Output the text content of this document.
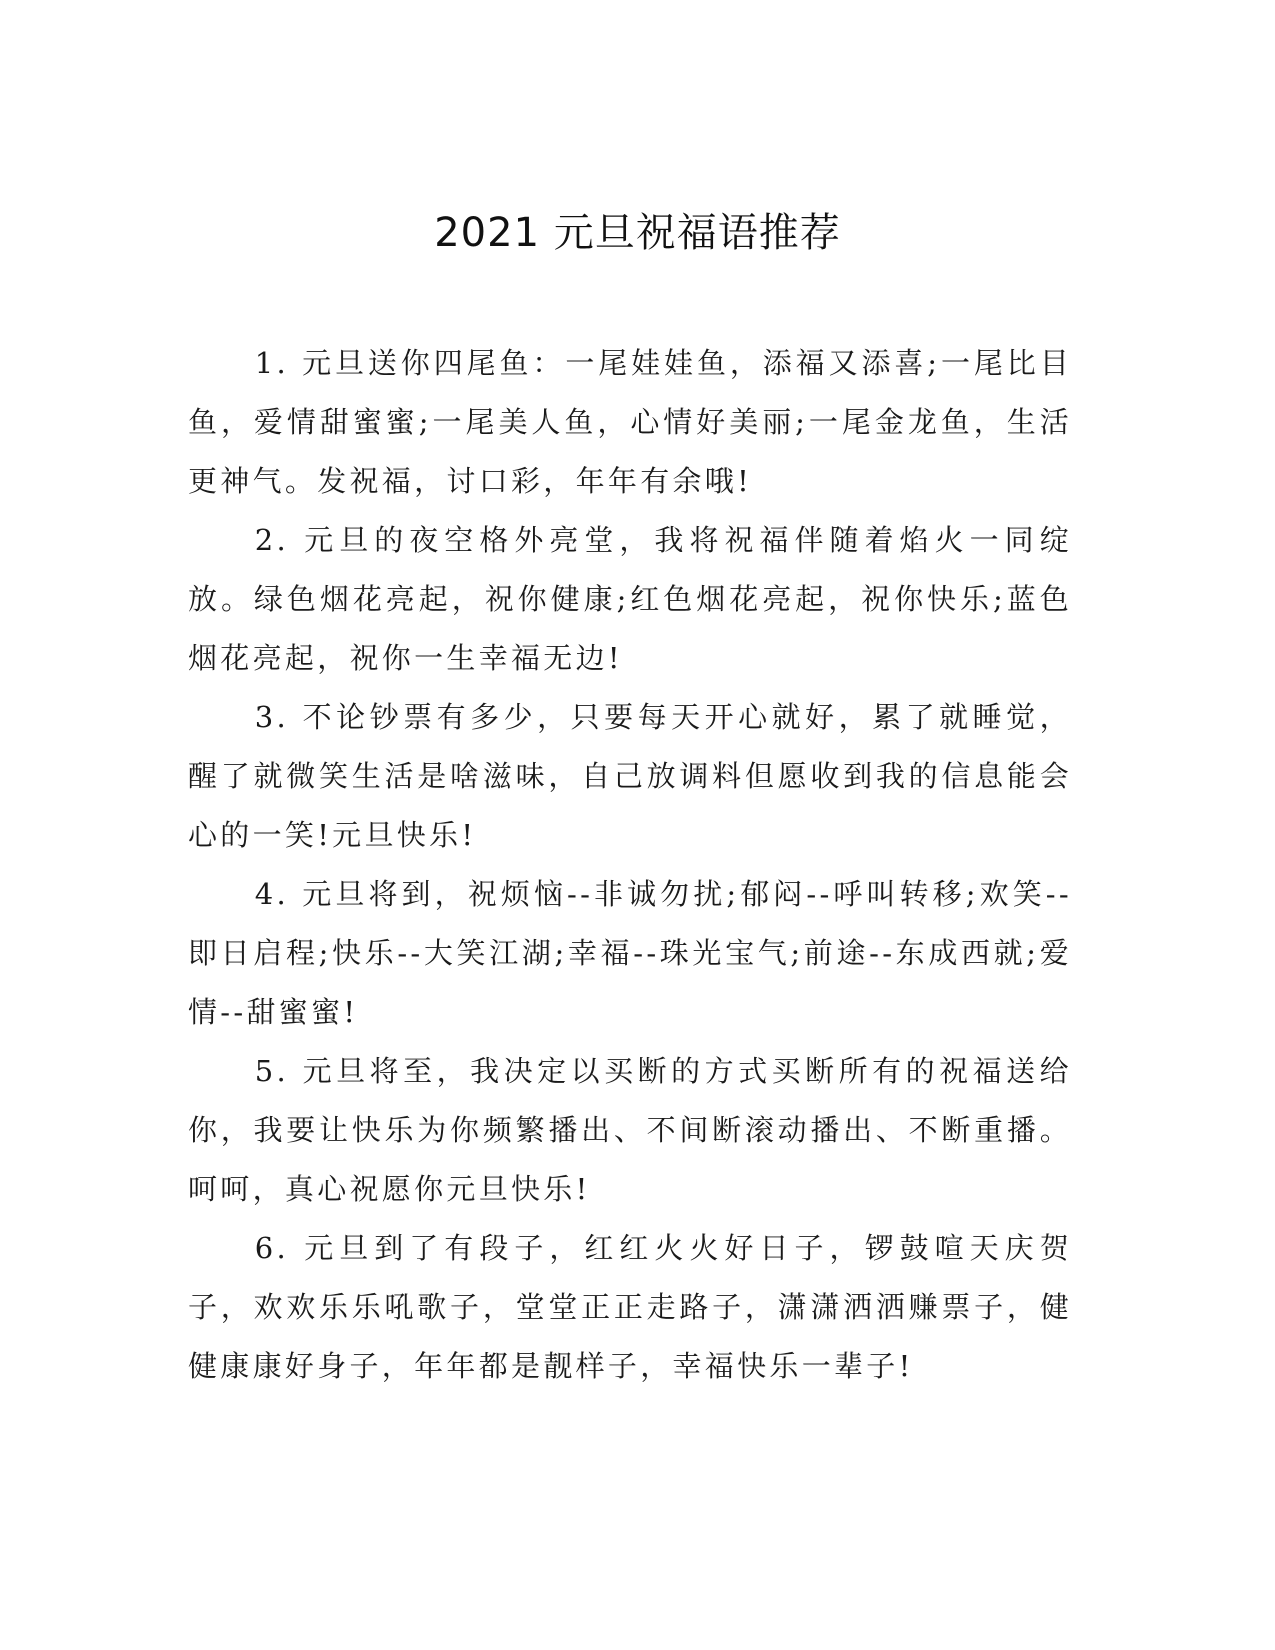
2021 元旦祝福语推荐

1. 元旦送你四尾鱼：一尾娃娃鱼，添福又添喜;一尾比目鱼，爱情甜蜜蜜;一尾美人鱼，心情好美丽;一尾金龙鱼，生活更神气。发祝福，讨口彩，年年有余哦!

2. 元旦的夜空格外亮堂，我将祝福伴随着焰火一同绽放。绿色烟花亮起，祝你健康;红色烟花亮起，祝你快乐;蓝色烟花亮起，祝你一生幸福无边!

3. 不论钞票有多少，只要每天开心就好，累了就睡觉，醒了就微笑生活是啥滋味，自己放调料但愿收到我的信息能会心的一笑!元旦快乐!

4. 元旦将到，祝烦恼--非诚勿扰;郁闷--呼叫转移;欢笑--即日启程;快乐--大笑江湖;幸福--珠光宝气;前途--东成西就;爱情--甜蜜蜜!

5. 元旦将至，我决定以买断的方式买断所有的祝福送给你，我要让快乐为你频繁播出、不间断滚动播出、不断重播。呵呵，真心祝愿你元旦快乐!

6. 元旦到了有段子，红红火火好日子，锣鼓喧天庆贺子，欢欢乐乐吼歌子，堂堂正正走路子，潇潇洒洒赚票子，健健康康好身子，年年都是靓样子，幸福快乐一辈子!
